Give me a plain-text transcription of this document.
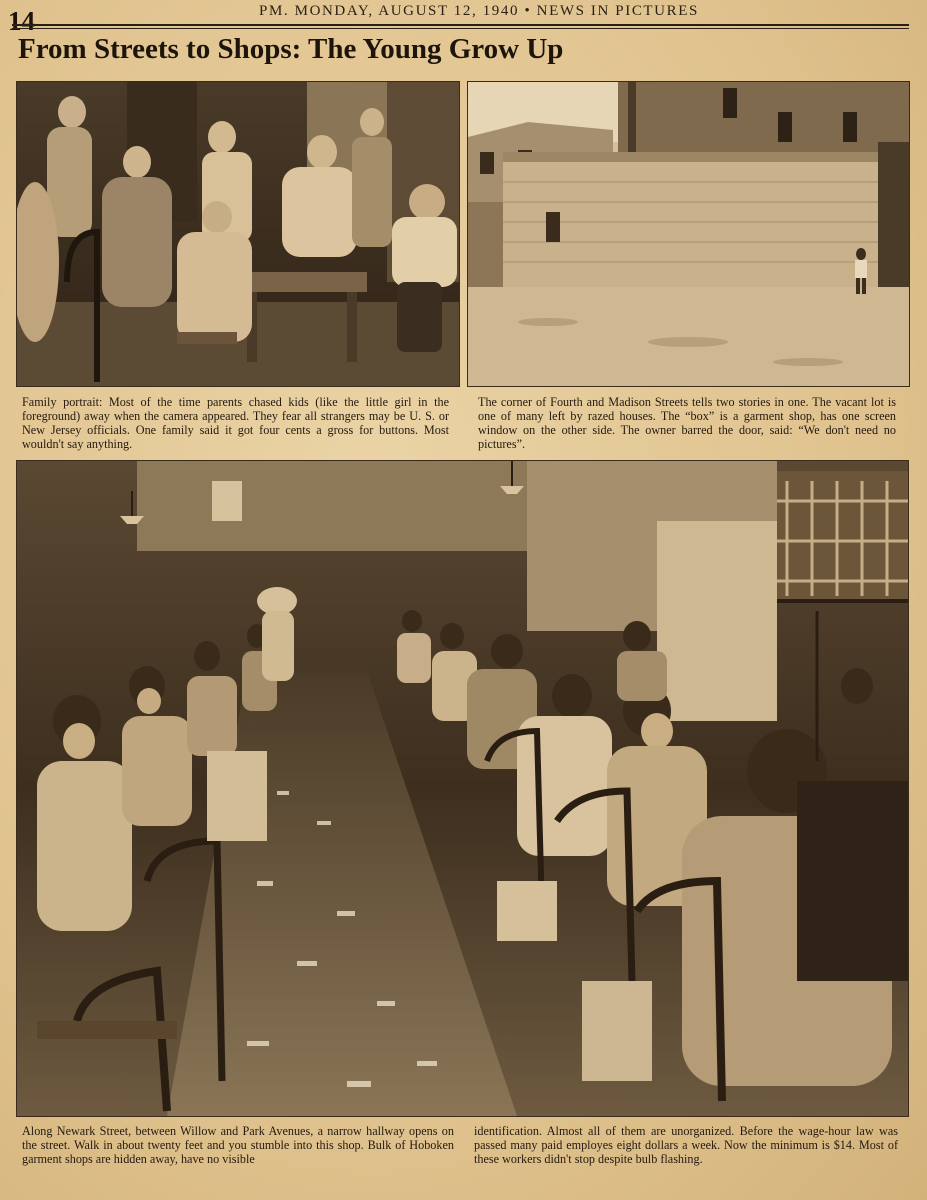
14	PM. MONDAY, AUGUST 12, 1940 • NEWS IN PICTURES
From Streets to Shops: The Young Grow Up

Family portrait: Most of the time parents chased kids (like the little girl in the foreground) away when the camera appeared. They fear all strangers may be U. S. or New Jersey officials. One family said it got four cents a gross for buttons. Most wouldn't say anything.

The corner of Fourth and Madison Streets tells two stories in one. The vacant lot is one of many left by razed houses. The “box” is a garment shop, has one screen window on the other side. The owner barred the door, said: “We don't need no pictures”.

Along Newark Street, between Willow and Park Avenues, a narrow hallway opens on the street. Walk in about twenty feet and you stumble into this shop. Bulk of Hoboken garment shops are hidden away, have no visible

identification. Almost all of them are unorganized. Before the wage-hour law was passed many paid employes eight dollars a week. Now the minimum is $14. Most of these workers didn't stop despite bulb flashing.
